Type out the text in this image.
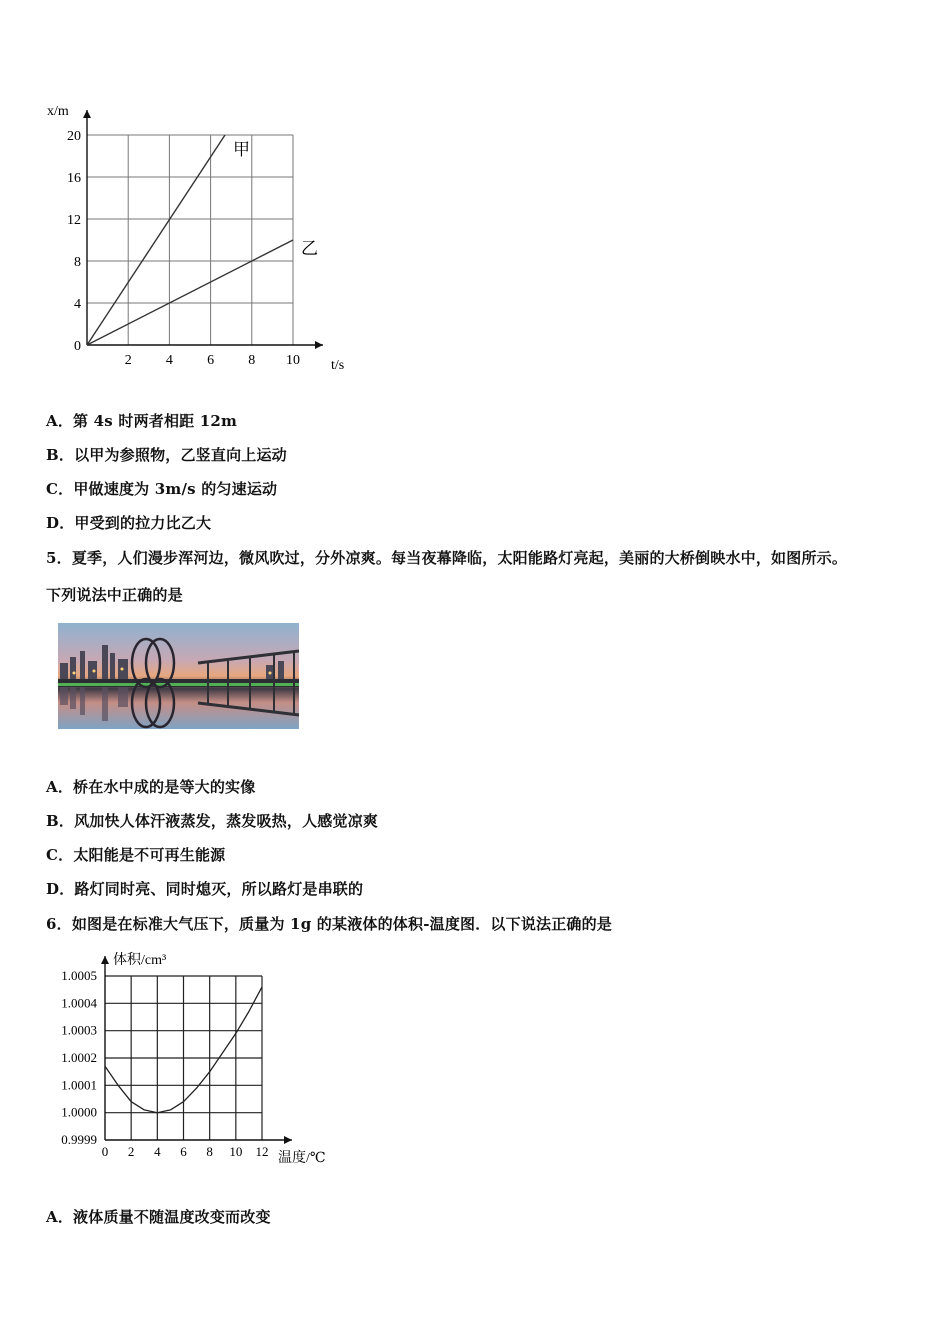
2 4 6 8 10
0
4
8
12
16
20
t/s
x/m
甲
乙
A．第 4s 时两者相距 12m
B．以甲为参照物，乙竖直向上运动
C．甲做速度为 3m/s 的匀速运动
D．甲受到的拉力比乙大
5．夏季，人们漫步浑河边，微风吹过，分外凉爽。每当夜幕降临，太阳能路灯亮起，美丽的大桥倒映水中，如图所示。
下列说法中正确的是
A．桥在水中成的是等大的实像
B．风加快人体汗液蒸发，蒸发吸热，人感觉凉爽
C．太阳能是不可再生能源
D．路灯同时亮、同时熄灭，所以路灯是串联的
6．如图是在标准大气压下，质量为 1g 的某液体的体积-温度图．以下说法正确的是
0 2 4 6 8 10 12
1.0005
1.0004
1.0003
1.0002
1.0001
1.0000
0.9999
温度/℃
体积/cm³
A．液体质量不随温度改变而改变
